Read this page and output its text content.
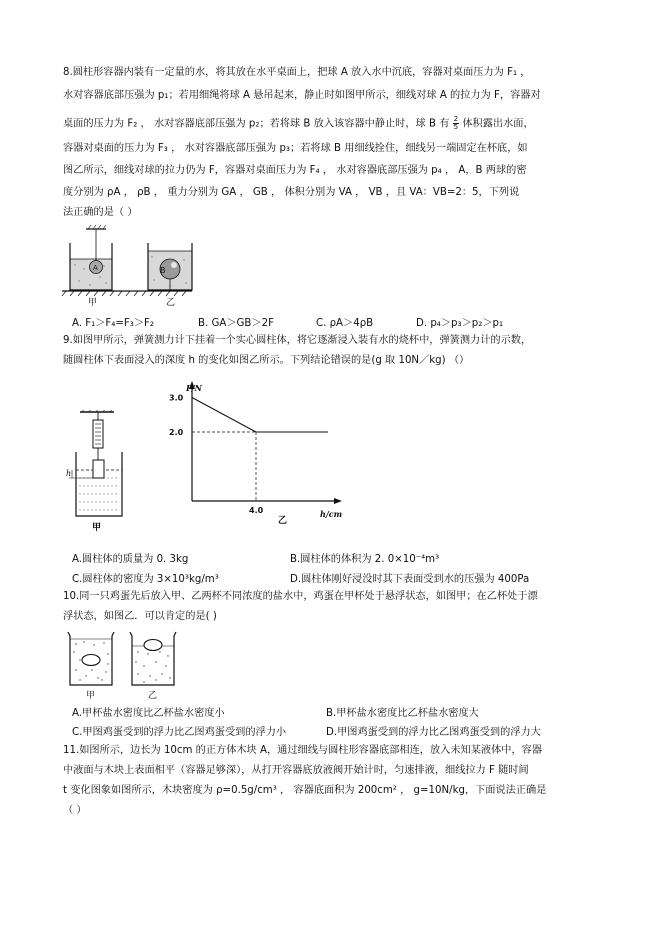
8.圆柱形容器内装有一定量的水，将其放在水平桌面上，把球 A 放入水中沉底，容器对桌面压力为 F₁ ，
水对容器底部压强为 p₁；若用细绳将球 A 悬吊起来，静止时如图甲所示，细线对球 A 的拉力为 F，容器对
桌面的压力为 F₂ ， 水对容器底部压强为 p₂；若将球 B 放入该容器中静止时，球 B 有 $\frac{2}{5}$ 体积露出水面，
容器对桌面的压力为 F₃ ， 水对容器底部压强为 p₃；若将球 B 用细线拴住，细线另一端固定在杯底，如
图乙所示，细线对球的拉力仍为 F，容器对桌面压力为 F₄ ， 水对容器底部压强为 p₄ ， A，B 两球的密
度分别为 ρA ， ρB ， 重力分别为 GA ， GB ， 体积分别为 VA ， VB ，且 VA：VB=2：5，下列说
法正确的是（ ）
A	B
甲	乙
A. F₁＞F₄=F₃＞F₂	B. GA＞GB＞2F	C. ρA＞4ρB	D. p₄＞p₃＞p₂＞p₁
9.如图甲所示，弹簧测力计下挂着一个实心圆柱体，将它逐渐浸入装有水的烧杯中，弹簧测力计的示数，
随圆柱体下表面浸入的深度 h 的变化如图乙所示。下列结论错误的是(g 取 10N／kg) （）
h
甲
F/N
h/cm
3.0
2.0
4.0
乙
A.圆柱体的质量为 0. 3kg	B.圆柱体的体积为 2. 0×10⁻⁴m³
C.圆柱体的密度为 3×10³kg/m³	D.圆柱体刚好浸没时其下表面受到水的压强为 400Pa
10.同一只鸡蛋先后放入甲、乙两杯不同浓度的盐水中，鸡蛋在甲杯处于悬浮状态，如图甲；在乙杯处于漂
浮状态，如图乙．可以肯定的是( )
甲	乙
A.甲杯盐水密度比乙杯盐水密度小	B.甲杯盐水密度比乙杯盐水密度大
C.甲图鸡蛋受到的浮力比乙图鸡蛋受到的浮力小	D.甲图鸡蛋受到的浮力比乙图鸡蛋受到的浮力大
11.如图所示，边长为 10cm 的正方体木块 A，通过细线与圆柱形容器底部相连，放入未知某液体中，容器
中液面与木块上表面相平（容器足够深），从打开容器底放液阀开始计时，匀速排液，细线拉力 F 随时间
t 变化图象如图所示，木块密度为 ρ=0.5g/cm³ ， 容器底面积为 200cm² ， g=10N/kg，下面说法正确是
（ ）
